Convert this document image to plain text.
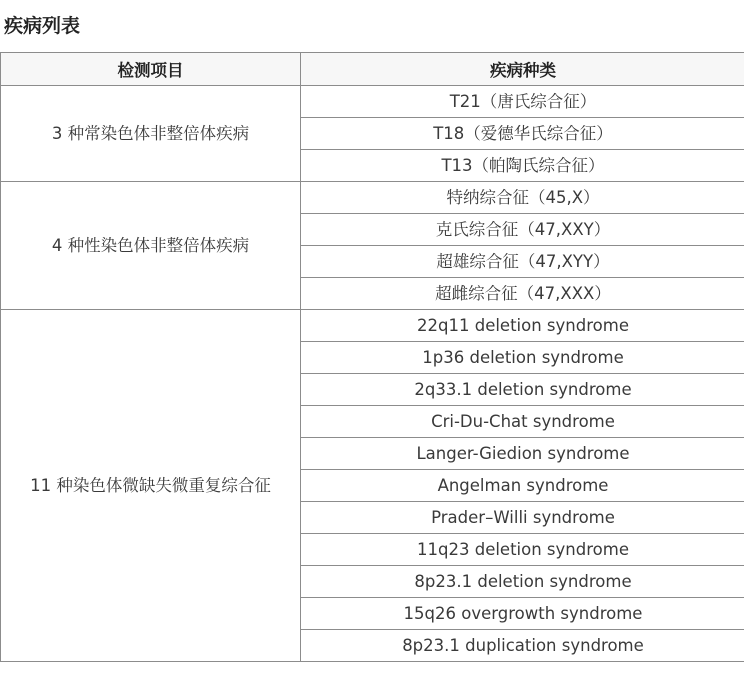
疾病列表
检测项目	疾病种类
3 种常染色体非整倍体疾病	T21（唐氏综合征）
	T18（爱德华氏综合征）
	T13（帕陶氏综合征）
4 种性染色体非整倍体疾病	特纳综合征（45,X）
	克氏综合征（47,XXY）
	超雄综合征（47,XYY）
	超雌综合征（47,XXX）
11 种染色体微缺失微重复综合征	22q11 deletion syndrome
	1p36 deletion syndrome
	2q33.1 deletion syndrome
	Cri-Du-Chat syndrome
	Langer-Giedion syndrome
	Angelman syndrome
	Prader–Willi syndrome
	11q23 deletion syndrome
	8p23.1 deletion syndrome
	15q26 overgrowth syndrome
	8p23.1 duplication syndrome
